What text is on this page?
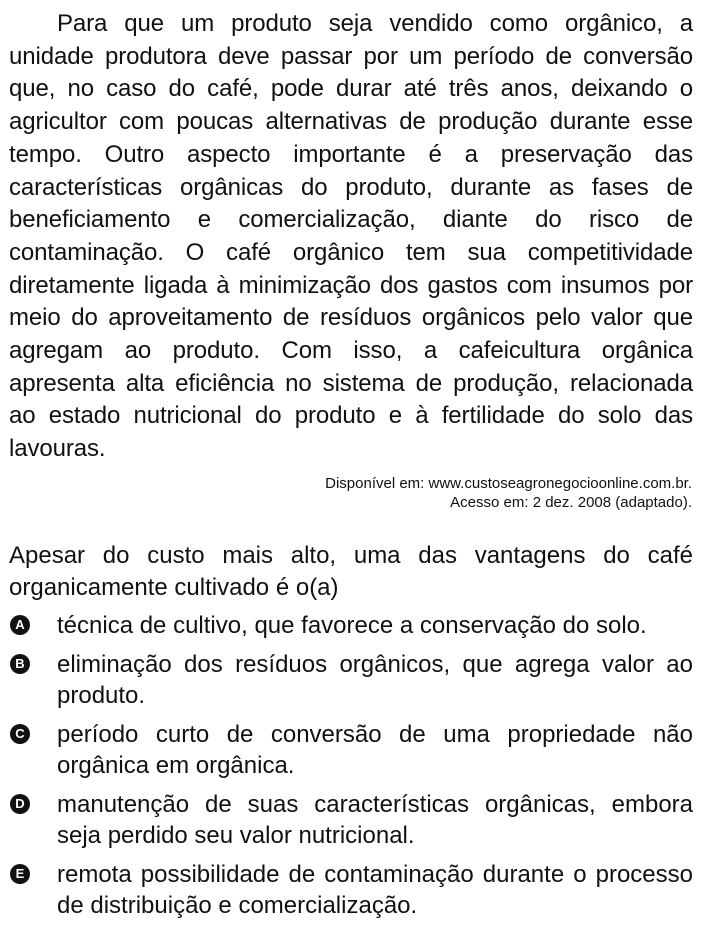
Para que um produto seja vendido como orgânico, a unidade produtora deve passar por um período de conversão que, no caso do café, pode durar até três anos, deixando o agricultor com poucas alternativas de produção durante esse tempo. Outro aspecto importante é a preservação das características orgânicas do produto, durante as fases de beneficiamento e comercialização, diante do risco de contaminação. O café orgânico tem sua competitividade diretamente ligada à minimização dos gastos com insumos por meio do aproveitamento de resíduos orgânicos pelo valor que agregam ao produto. Com isso, a cafeicultura orgânica apresenta alta eficiência no sistema de produção, relacionada ao estado nutricional do produto e à fertilidade do solo das lavouras.

Disponível em: www.custoseagronegocioonline.com.br.
Acesso em: 2 dez. 2008 (adaptado).

Apesar do custo mais alto, uma das vantagens do café organicamente cultivado é o(a)

A técnica de cultivo, que favorece a conservação do solo.
B eliminação dos resíduos orgânicos, que agrega valor ao produto.
C período curto de conversão de uma propriedade não orgânica em orgânica.
D manutenção de suas características orgânicas, embora seja perdido seu valor nutricional.
E remota possibilidade de contaminação durante o processo de distribuição e comercialização.
